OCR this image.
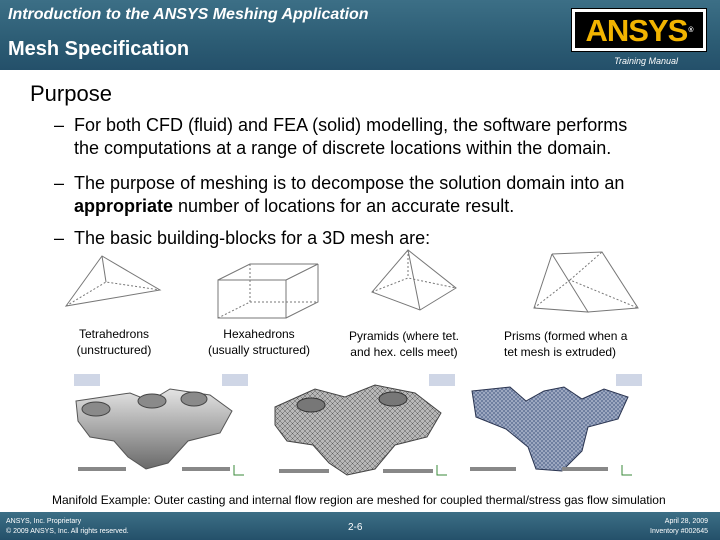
Introduction to the ANSYS Meshing Application
Mesh Specification
ANSYS®
Training Manual
Purpose
– For both CFD (fluid) and FEA (solid) modelling, the software performs
the computations at a range of discrete locations within the domain.
– The purpose of meshing is to decompose the solution domain into an
appropriate number of locations for an accurate result.
– The basic building-blocks for a 3D mesh are:
Tetrahedrons
(unstructured)
Hexahedrons
(usually structured)
Pyramids (where tet.
and hex. cells meet)
Prisms (formed when a
tet mesh is extruded)
Manifold Example: Outer casting and internal flow region are meshed for coupled thermal/stress gas flow simulation
ANSYS, Inc. Proprietary
© 2009 ANSYS, Inc. All rights reserved.	2-6
April 28, 2009
Inventory #002645
